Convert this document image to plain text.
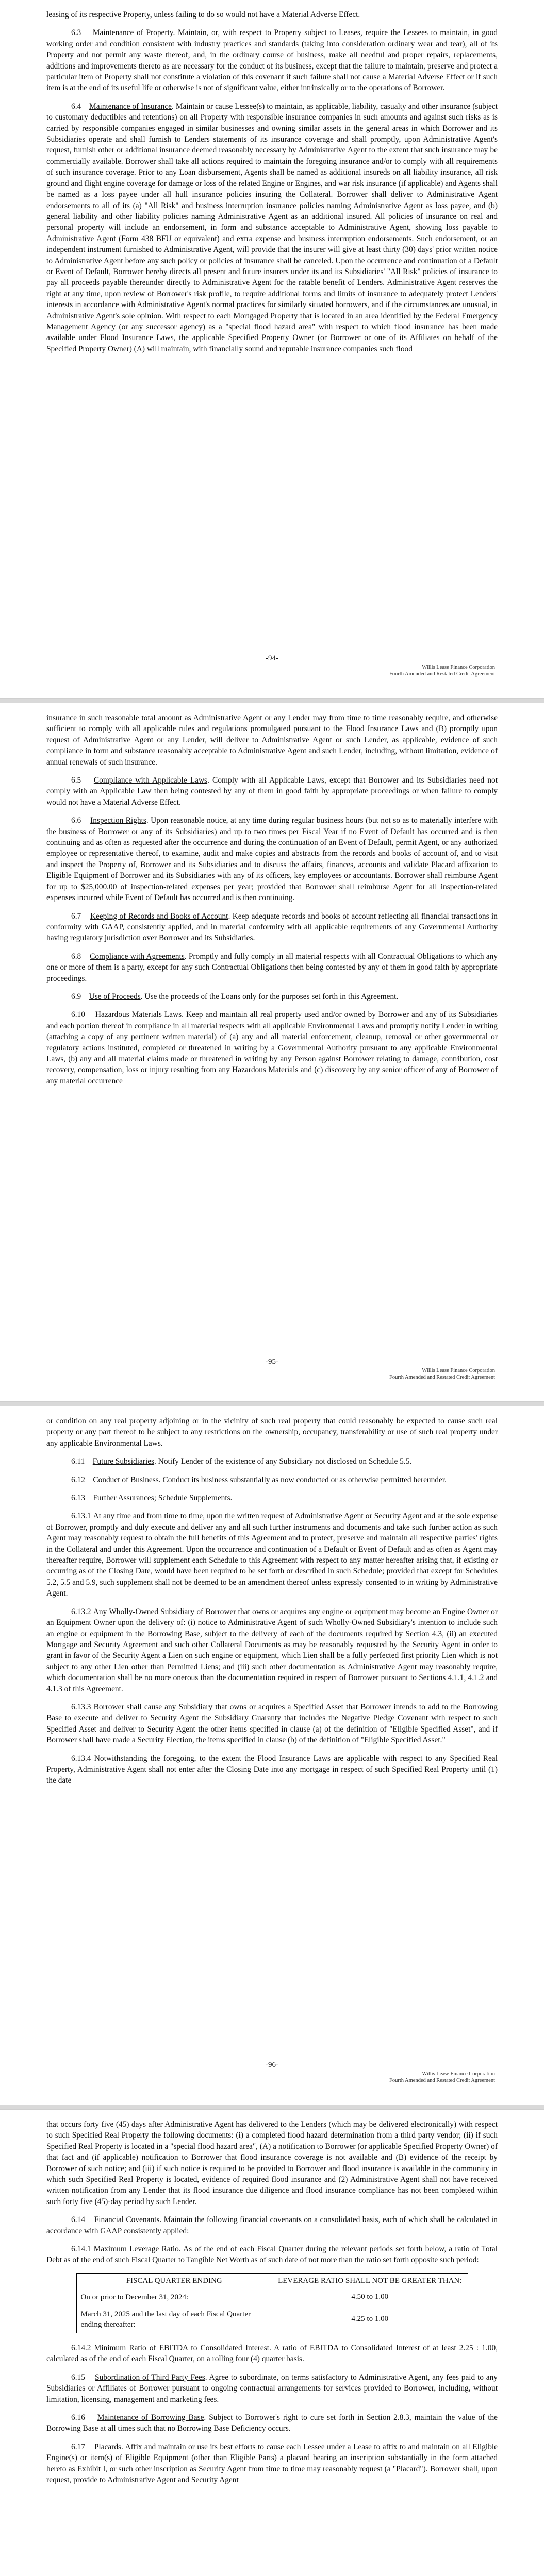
leasing of its respective Property, unless failing to do so would not have a Material Adverse Effect.

6.3 Maintenance of Property. Maintain, or, with respect to Property subject to Leases, require the Lessees to maintain, in good working order and condition consistent with industry practices and standards (taking into consideration ordinary wear and tear), all of its Property and not permit any waste thereof, and, in the ordinary course of business, make all needful and proper repairs, replacements, additions and improvements thereto as are necessary for the conduct of its business, except that the failure to maintain, preserve and protect a particular item of Property shall not constitute a violation of this covenant if such failure shall not cause a Material Adverse Effect or if such item is at the end of its useful life or otherwise is not of significant value, either intrinsically or to the operations of Borrower.

6.4 Maintenance of Insurance. Maintain or cause Lessee(s) to maintain, as applicable, liability, casualty and other insurance (subject to customary deductibles and retentions) on all Property with responsible insurance companies in such amounts and against such risks as is carried by responsible companies engaged in similar businesses and owning similar assets in the general areas in which Borrower and its Subsidiaries operate and shall furnish to Lenders statements of its insurance coverage and shall promptly, upon Administrative Agent's request, furnish other or additional insurance deemed reasonably necessary by Administrative Agent to the extent that such insurance may be commercially available. Borrower shall take all actions required to maintain the foregoing insurance and/or to comply with all requirements of such insurance coverage. Prior to any Loan disbursement, Agents shall be named as additional insureds on all liability insurance, all risk ground and flight engine coverage for damage or loss of the related Engine or Engines, and war risk insurance (if applicable) and Agents shall be named as a loss payee under all hull insurance policies insuring the Collateral. Borrower shall deliver to Administrative Agent endorsements to all of its (a) "All Risk" and business interruption insurance policies naming Administrative Agent as loss payee, and (b) general liability and other liability policies naming Administrative Agent as an additional insured. All policies of insurance on real and personal property will include an endorsement, in form and substance acceptable to Administrative Agent, showing loss payable to Administrative Agent (Form 438 BFU or equivalent) and extra expense and business interruption endorsements. Such endorsement, or an independent instrument furnished to Administrative Agent, will provide that the insurer will give at least thirty (30) days' prior written notice to Administrative Agent before any such policy or policies of insurance shall be canceled. Upon the occurrence and continuation of a Default or Event of Default, Borrower hereby directs all present and future insurers under its and its Subsidiaries' "All Risk" policies of insurance to pay all proceeds payable thereunder directly to Administrative Agent for the ratable benefit of Lenders. Administrative Agent reserves the right at any time, upon review of Borrower's risk profile, to require additional forms and limits of insurance to adequately protect Lenders' interests in accordance with Administrative Agent's normal practices for similarly situated borrowers, and if the circumstances are unusual, in Administrative Agent's sole opinion. With respect to each Mortgaged Property that is located in an area identified by the Federal Emergency Management Agency (or any successor agency) as a "special flood hazard area" with respect to which flood insurance has been made available under Flood Insurance Laws, the applicable Specified Property Owner (or Borrower or one of its Affiliates on behalf of the Specified Property Owner) (A) will maintain, with financially sound and reputable insurance companies such flood

-94-
Willis Lease Finance Corporation
Fourth Amended and Restated Credit Agreement

insurance in such reasonable total amount as Administrative Agent or any Lender may from time to time reasonably require, and otherwise sufficient to comply with all applicable rules and regulations promulgated pursuant to the Flood Insurance Laws and (B) promptly upon request of Administrative Agent or any Lender, will deliver to Administrative Agent or such Lender, as applicable, evidence of such compliance in form and substance reasonably acceptable to Administrative Agent and such Lender, including, without limitation, evidence of annual renewals of such insurance.

6.5 Compliance with Applicable Laws. Comply with all Applicable Laws, except that Borrower and its Subsidiaries need not comply with an Applicable Law then being contested by any of them in good faith by appropriate proceedings or when failure to comply would not have a Material Adverse Effect.

6.6 Inspection Rights. Upon reasonable notice, at any time during regular business hours (but not so as to materially interfere with the business of Borrower or any of its Subsidiaries) and up to two times per Fiscal Year if no Event of Default has occurred and is then continuing and as often as requested after the occurrence and during the continuation of an Event of Default, permit Agent, or any authorized employee or representative thereof, to examine, audit and make copies and abstracts from the records and books of account of, and to visit and inspect the Property of, Borrower and its Subsidiaries and to discuss the affairs, finances, accounts and validate Placard affixation to Eligible Equipment of Borrower and its Subsidiaries with any of its officers, key employees or accountants. Borrower shall reimburse Agent for up to $25,000.00 of inspection-related expenses per year; provided that Borrower shall reimburse Agent for all inspection-related expenses incurred while Event of Default has occurred and is then continuing.

6.7 Keeping of Records and Books of Account. Keep adequate records and books of account reflecting all financial transactions in conformity with GAAP, consistently applied, and in material conformity with all applicable requirements of any Governmental Authority having regulatory jurisdiction over Borrower and its Subsidiaries.

6.8 Compliance with Agreements. Promptly and fully comply in all material respects with all Contractual Obligations to which any one or more of them is a party, except for any such Contractual Obligations then being contested by any of them in good faith by appropriate proceedings.

6.9 Use of Proceeds. Use the proceeds of the Loans only for the purposes set forth in this Agreement.

6.10 Hazardous Materials Laws. Keep and maintain all real property used and/or owned by Borrower and any of its Subsidiaries and each portion thereof in compliance in all material respects with all applicable Environmental Laws and promptly notify Lender in writing (attaching a copy of any pertinent written material) of (a) any and all material enforcement, cleanup, removal or other governmental or regulatory actions instituted, completed or threatened in writing by a Governmental Authority pursuant to any applicable Environmental Laws, (b) any and all material claims made or threatened in writing by any Person against Borrower relating to damage, contribution, cost recovery, compensation, loss or injury resulting from any Hazardous Materials and (c) discovery by any senior officer of any of Borrower of any material occurrence

-95-
Willis Lease Finance Corporation
Fourth Amended and Restated Credit Agreement

or condition on any real property adjoining or in the vicinity of such real property that could reasonably be expected to cause such real property or any part thereof to be subject to any restrictions on the ownership, occupancy, transferability or use of such real property under any applicable Environmental Laws.

6.11 Future Subsidiaries. Notify Lender of the existence of any Subsidiary not disclosed on Schedule 5.5.

6.12 Conduct of Business. Conduct its business substantially as now conducted or as otherwise permitted hereunder.

6.13 Further Assurances; Schedule Supplements.

6.13.1 At any time and from time to time, upon the written request of Administrative Agent or Security Agent and at the sole expense of Borrower, promptly and duly execute and deliver any and all such further instruments and documents and take such further action as such Agent may reasonably request to obtain the full benefits of this Agreement and to protect, preserve and maintain all respective parties' rights in the Collateral and under this Agreement. Upon the occurrence and continuation of a Default or Event of Default and as often as Agent may thereafter require, Borrower will supplement each Schedule to this Agreement with respect to any matter hereafter arising that, if existing or occurring as of the Closing Date, would have been required to be set forth or described in such Schedule; provided that except for Schedules 5.2, 5.5 and 5.9, such supplement shall not be deemed to be an amendment thereof unless expressly consented to in writing by Administrative Agent.

6.13.2 Any Wholly-Owned Subsidiary of Borrower that owns or acquires any engine or equipment may become an Engine Owner or an Equipment Owner upon the delivery of: (i) notice to Administrative Agent of such Wholly-Owned Subsidiary's intention to include such an engine or equipment in the Borrowing Base, subject to the delivery of each of the documents required by Section 4.3, (ii) an executed Mortgage and Security Agreement and such other Collateral Documents as may be reasonably requested by the Security Agent in order to grant in favor of the Security Agent a Lien on such engine or equipment, which Lien shall be a fully perfected first priority Lien which is not subject to any other Lien other than Permitted Liens; and (iii) such other documentation as Administrative Agent may reasonably require, which documentation shall be no more onerous than the documentation required in respect of Borrower pursuant to Sections 4.1.1, 4.1.2 and 4.1.3 of this Agreement.

6.13.3 Borrower shall cause any Subsidiary that owns or acquires a Specified Asset that Borrower intends to add to the Borrowing Base to execute and deliver to Security Agent the Subsidiary Guaranty that includes the Negative Pledge Covenant with respect to such Specified Asset and deliver to Security Agent the other items specified in clause (a) of the definition of "Eligible Specified Asset", and if Borrower shall have made a Security Election, the items specified in clause (b) of the definition of "Eligible Specified Asset."

6.13.4 Notwithstanding the foregoing, to the extent the Flood Insurance Laws are applicable with respect to any Specified Real Property, Administrative Agent shall not enter after the Closing Date into any mortgage in respect of such Specified Real Property until (1) the date

-96-
Willis Lease Finance Corporation
Fourth Amended and Restated Credit Agreement

that occurs forty five (45) days after Administrative Agent has delivered to the Lenders (which may be delivered electronically) with respect to such Specified Real Property the following documents: (i) a completed flood hazard determination from a third party vendor; (ii) if such Specified Real Property is located in a "special flood hazard area", (A) a notification to Borrower (or applicable Specified Property Owner) of that fact and (if applicable) notification to Borrower that flood insurance coverage is not available and (B) evidence of the receipt by Borrower of such notice; and (iii) if such notice is required to be provided to Borrower and flood insurance is available in the community in which such Specified Real Property is located, evidence of required flood insurance and (2) Administrative Agent shall not have received written notification from any Lender that its flood insurance due diligence and flood insurance compliance has not been completed within such forty five (45)-day period by such Lender.

6.14 Financial Covenants. Maintain the following financial covenants on a consolidated basis, each of which shall be calculated in accordance with GAAP consistently applied:

6.14.1 Maximum Leverage Ratio. As of the end of each Fiscal Quarter during the relevant periods set forth below, a ratio of Total Debt as of the end of such Fiscal Quarter to Tangible Net Worth as of such date of not more than the ratio set forth opposite such period:

FISCAL QUARTER ENDING	LEVERAGE RATIO SHALL NOT BE GREATER THAN:
On or prior to December 31, 2024:	4.50 to 1.00
March 31, 2025 and the last day of each Fiscal Quarter ending thereafter:	4.25 to 1.00

6.14.2 Minimum Ratio of EBITDA to Consolidated Interest. A ratio of EBITDA to Consolidated Interest of at least 2.25 : 1.00, calculated as of the end of each Fiscal Quarter, on a rolling four (4) quarter basis.

6.15 Subordination of Third Party Fees. Agree to subordinate, on terms satisfactory to Administrative Agent, any fees paid to any Subsidiaries or Affiliates of Borrower pursuant to ongoing contractual arrangements for services provided to Borrower, including, without limitation, licensing, management and marketing fees.

6.16 Maintenance of Borrowing Base. Subject to Borrower's right to cure set forth in Section 2.8.3, maintain the value of the Borrowing Base at all times such that no Borrowing Base Deficiency occurs.

6.17 Placards. Affix and maintain or use its best efforts to cause each Lessee under a Lease to affix to and maintain on all Eligible Engine(s) or item(s) of Eligible Equipment (other than Eligible Parts) a placard bearing an inscription substantially in the form attached hereto as Exhibit I, or such other inscription as Security Agent from time to time may reasonably request (a "Placard"). Borrower shall, upon request, provide to Administrative Agent and Security Agent
